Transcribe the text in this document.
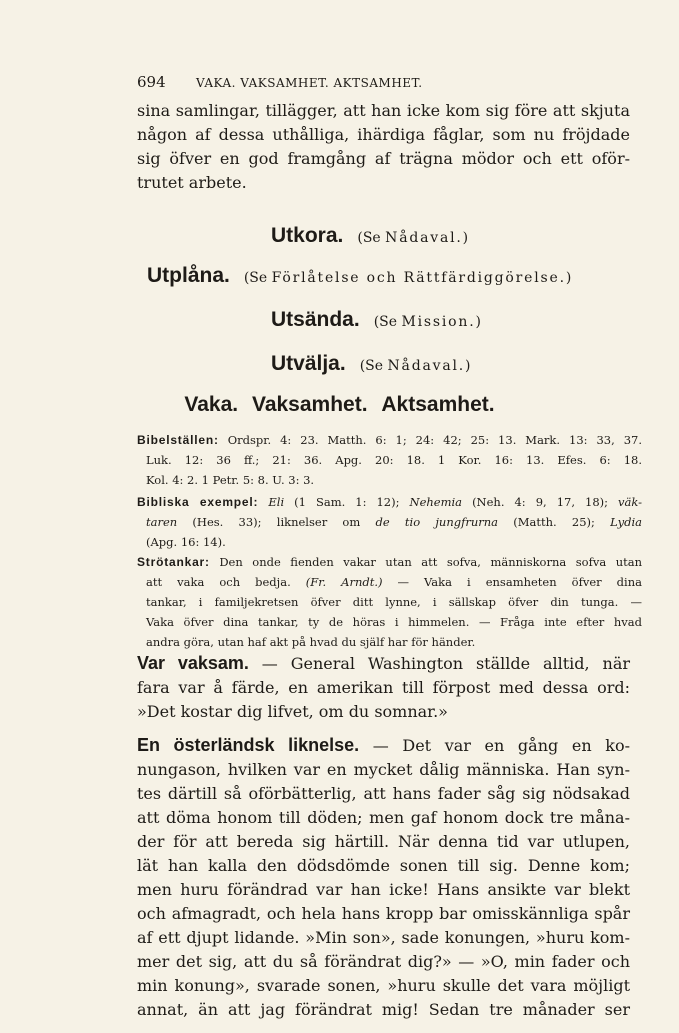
694	VAKA. VAKSAMHET. AKTSAMHET.
sina samlingar, tillägger, att han icke kom sig före att skjuta
någon af dessa uthålliga, ihärdiga fåglar, som nu fröjdade
sig öfver en god framgång af trägna mödor och ett oför-
trutet arbete.
Utkora. (Se Nådaval.)
Utplåna. (Se Förlåtelse och Rättfärdiggörelse.)
Utsända. (Se Mission.)
Utvälja. (Se Nådaval.)
Vaka. Vaksamhet. Aktsamhet.
Bibelställen: Ordspr. 4: 23. Matth. 6: 1; 24: 42; 25: 13. Mark. 13: 33, 37.
Luk. 12: 36 ff.; 21: 36. Apg. 20: 18. 1 Kor. 16: 13. Efes. 6: 18.
Kol. 4: 2. 1 Petr. 5: 8. U. 3: 3.
Bibliska exempel: Eli (1 Sam. 1: 12); Nehemia (Neh. 4: 9, 17, 18); väk-
taren (Hes. 33); liknelser om de tio jungfrurna (Matth. 25); Lydia
(Apg. 16: 14).
Strötankar: Den onde fienden vakar utan att sofva, människorna sofva utan
att vaka och bedja. (Fr. Arndt.) — Vaka i ensamheten öfver dina
tankar, i familjekretsen öfver ditt lynne, i sällskap öfver din tunga. —
Vaka öfver dina tankar, ty de höras i himmelen. — Fråga inte efter hvad
andra göra, utan haf akt på hvad du själf har för händer.
Var vaksam. — General Washington ställde alltid, när
fara var å färde, en amerikan till förpost med dessa ord:
»Det kostar dig lifvet, om du somnar.»
En österländsk liknelse. — Det var en gång en ko-
nungason, hvilken var en mycket dålig människa. Han syn-
tes därtill så oförbätterlig, att hans fader såg sig nödsakad
att döma honom till döden; men gaf honom dock tre måna-
der för att bereda sig härtill. När denna tid var utlupen,
lät han kalla den dödsdömde sonen till sig. Denne kom;
men huru förändrad var han icke! Hans ansikte var blekt
och afmagradt, och hela hans kropp bar omisskännliga spår
af ett djupt lidande. »Min son», sade konungen, »huru kom-
mer det sig, att du så förändrat dig?» — »O, min fader och
min konung», svarade sonen, »huru skulle det vara möjligt
annat, än att jag förändrat mig! Sedan tre månader ser
